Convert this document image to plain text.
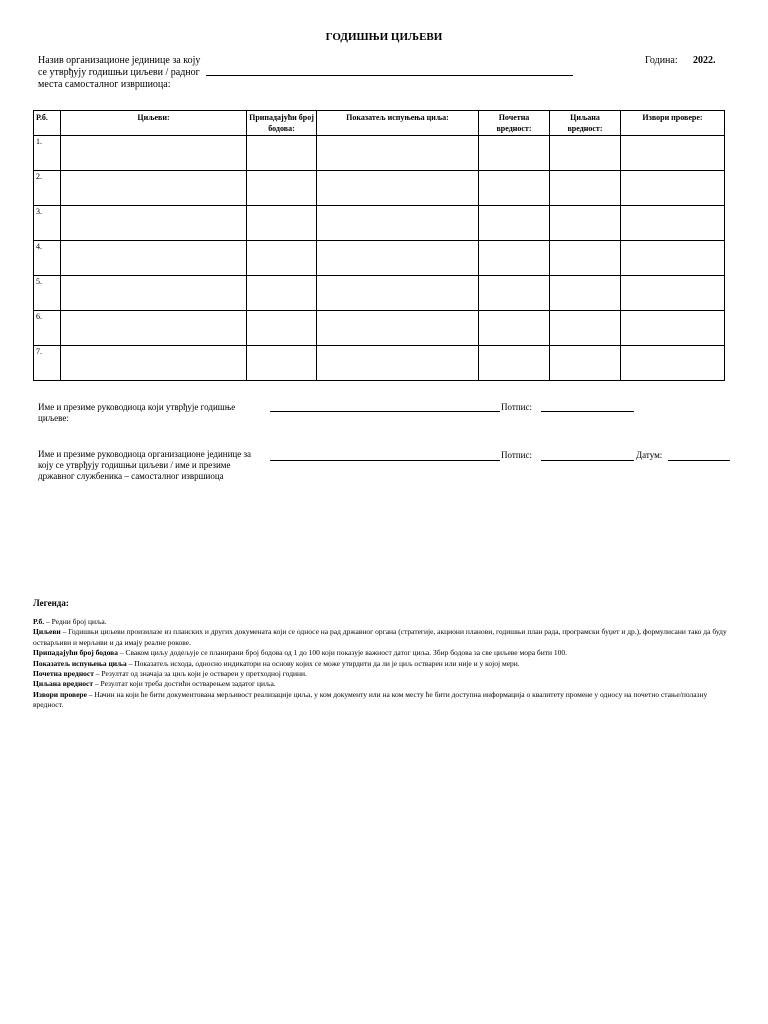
ГОДИШЊИ ЦИЉЕВИ
Назив организационе јединице за коју се утврђују годишњи циљеви / радног места самосталног извршиоца:
Година: 2022.
Р.б.	Циљеви:	Припадајући број бодова:	Показатељ испуњења циља:	Почетна вредност:	Циљана вредност:	Извори провере:
1.						
2.						
3.						
4.						
5.						
6.						
7.						
Име и презиме руководиоца који утврђује годишње циљеве:
Потпис:
Име и презиме руководиоца организационе јединице за коју се утврђују годишњи циљеви / име и презиме државног службеника – самосталног извршиоца
Потпис:	Датум:
Легенда:

Р.б. – Редни број циља.

Циљеви – Годишњи циљеви произилазе из планских и других докумената који се односе на рад државног органа (стратегије, акциони планови, годишњи план рада, програмски буџет и др.), формулисани тако да буду остварљиви и мерљиви и да имају реалне рокове.

Припадајући број бодова – Сваком циљу додељује се планирани број бодова од 1 до 100 који показује важност датог циља. Збир бодова за све циљеве мора бити 100.

Показатељ испуњења циља – Показатељ исхода, односно индикатори на основу којих се може утврдити да ли је циљ остварен или није и у којој мери.

Почетна вредност – Резултат од значаја за циљ који је остварен у претходној години.

Циљана вредност – Резултат који треба достићи остварењем задатог циља.

Извори провере – Начин на који ће бити документована мерљивост реализације циља, у ком документу или на ком месту ће бити доступна информација о квалитету промене у односу на почетно стање/полазну вредност.
